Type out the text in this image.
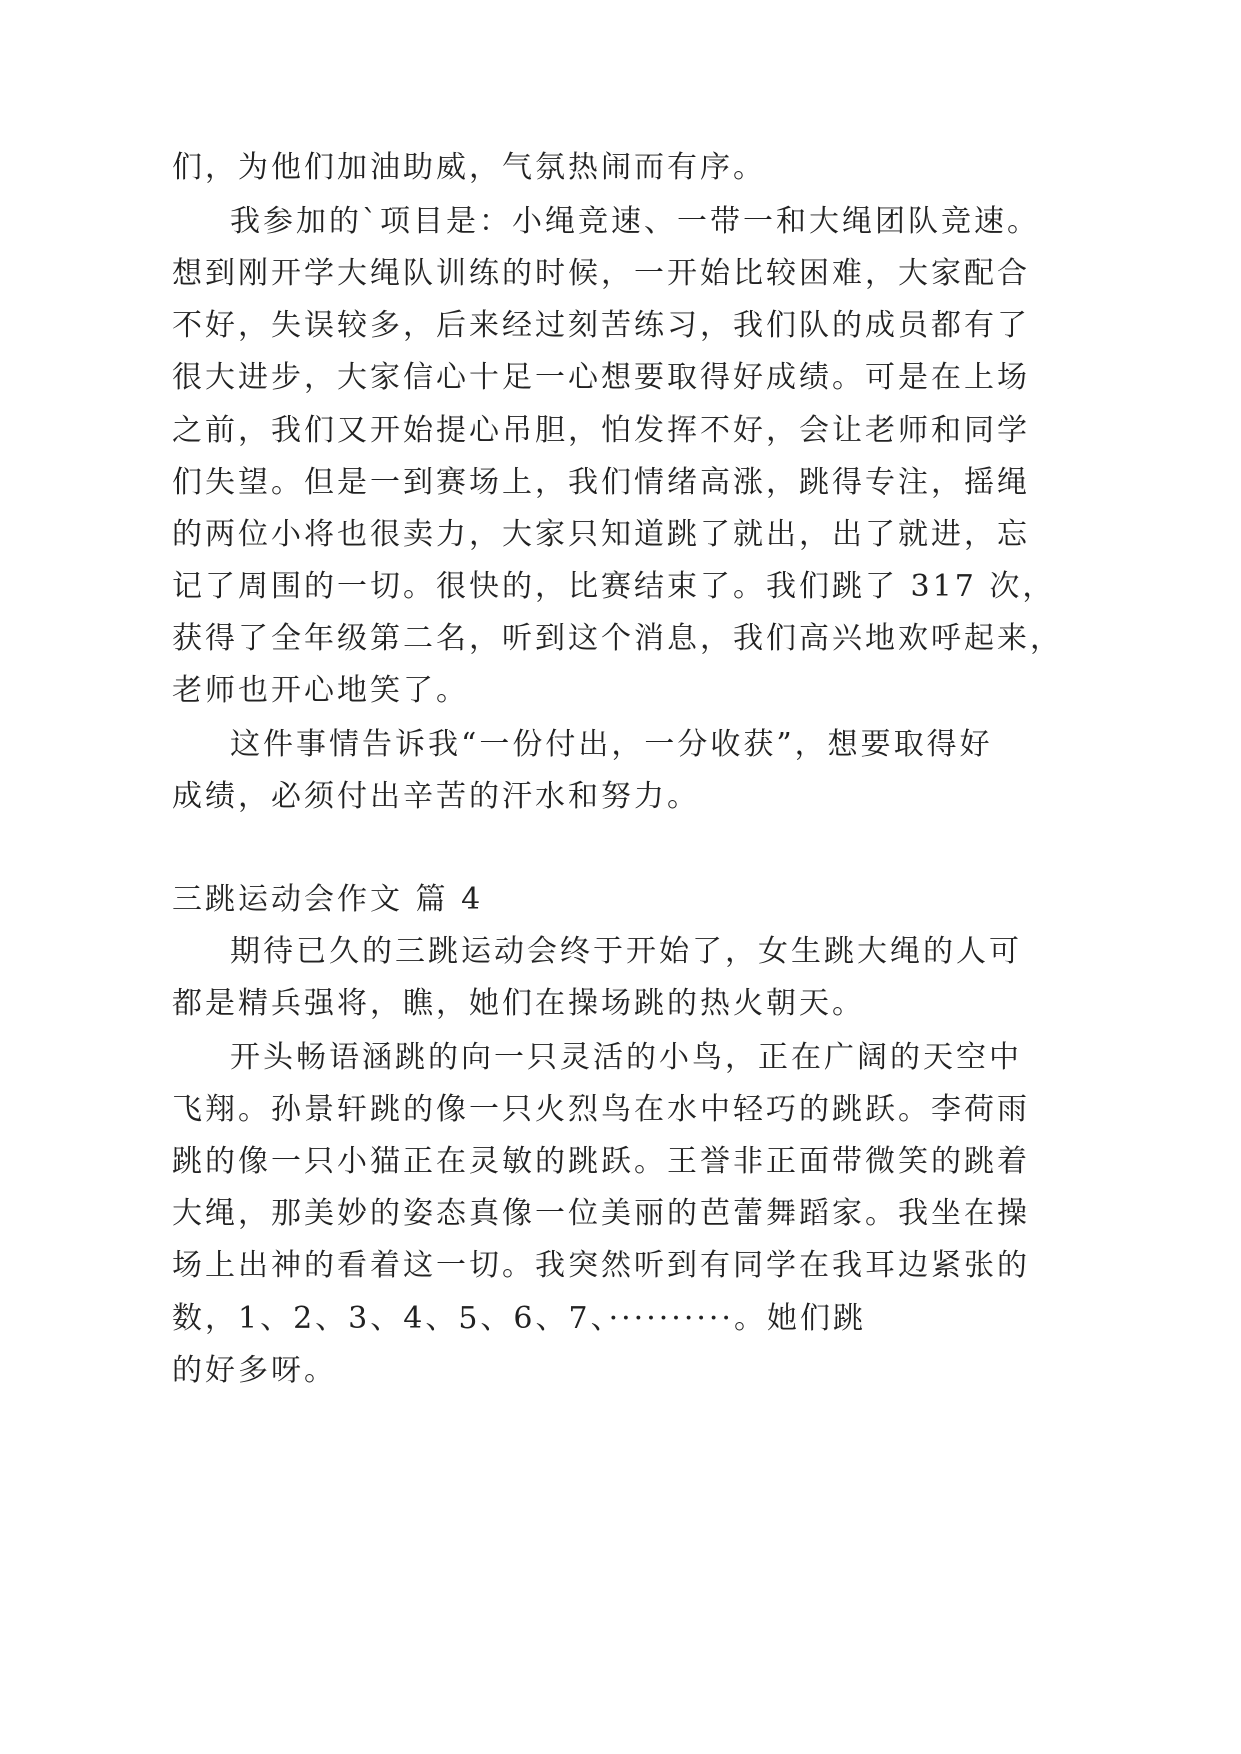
们，为他们加油助威，气氛热闹而有序。
我参加的`项目是：小绳竞速、一带一和大绳团队竞速。
想到刚开学大绳队训练的时候，一开始比较困难，大家配合
不好，失误较多，后来经过刻苦练习，我们队的成员都有了
很大进步，大家信心十足一心想要取得好成绩。可是在上场
之前，我们又开始提心吊胆，怕发挥不好，会让老师和同学
们失望。但是一到赛场上，我们情绪高涨，跳得专注，摇绳
的两位小将也很卖力，大家只知道跳了就出，出了就进，忘
记了周围的一切。很快的，比赛结束了。我们跳了 317 次，
获得了全年级第二名，听到这个消息，我们高兴地欢呼起来，
老师也开心地笑了。
这件事情告诉我“一份付出，一分收获”，想要取得好
成绩，必须付出辛苦的汗水和努力。
三跳运动会作文 篇 4
期待已久的三跳运动会终于开始了，女生跳大绳的人可
都是精兵强将，瞧，她们在操场跳的热火朝天。
开头畅语涵跳的向一只灵活的小鸟，正在广阔的天空中
飞翔。孙景轩跳的像一只火烈鸟在水中轻巧的跳跃。李荷雨
跳的像一只小猫正在灵敏的跳跃。王誉非正面带微笑的跳着
大绳，那美妙的姿态真像一位美丽的芭蕾舞蹈家。我坐在操
场上出神的看着这一切。我突然听到有同学在我耳边紧张的
数，1、2、3、4、5、6、7、··········。她们跳
的好多呀。
